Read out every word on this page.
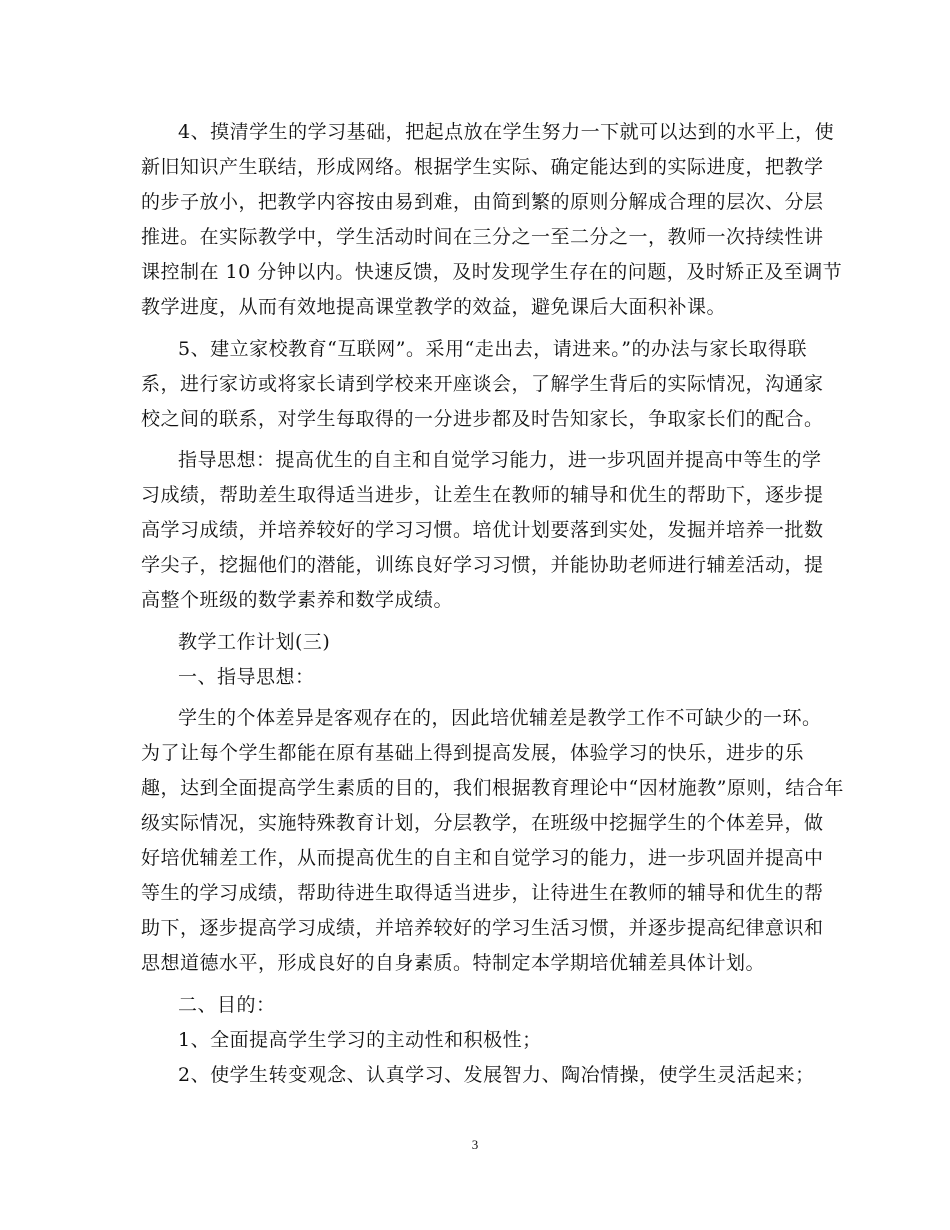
4、摸清学生的学习基础，把起点放在学生努力一下就可以达到的水平上，使
新旧知识产生联结，形成网络。根据学生实际、确定能达到的实际进度，把教学
的步子放小，把教学内容按由易到难，由简到繁的原则分解成合理的层次、分层
推进。在实际教学中，学生活动时间在三分之一至二分之一，教师一次持续性讲
课控制在 10 分钟以内。快速反馈，及时发现学生存在的问题，及时矫正及至调节
教学进度，从而有效地提高课堂教学的效益，避免课后大面积补课。
5、建立家校教育“互联网”。采用“走出去，请进来。”的办法与家长取得联
系，进行家访或将家长请到学校来开座谈会，了解学生背后的实际情况，沟通家
校之间的联系，对学生每取得的一分进步都及时告知家长，争取家长们的配合。
指导思想：提高优生的自主和自觉学习能力，进一步巩固并提高中等生的学
习成绩，帮助差生取得适当进步，让差生在教师的辅导和优生的帮助下，逐步提
高学习成绩，并培养较好的学习习惯。培优计划要落到实处，发掘并培养一批数
学尖子，挖掘他们的潜能，训练良好学习习惯，并能协助老师进行辅差活动，提
高整个班级的数学素养和数学成绩。
教学工作计划(三)
一、指导思想：
学生的个体差异是客观存在的，因此培优辅差是教学工作不可缺少的一环。
为了让每个学生都能在原有基础上得到提高发展，体验学习的快乐，进步的乐
趣，达到全面提高学生素质的目的，我们根据教育理论中“因材施教”原则，结合年
级实际情况，实施特殊教育计划，分层教学，在班级中挖掘学生的个体差异，做
好培优辅差工作，从而提高优生的自主和自觉学习的能力，进一步巩固并提高中
等生的学习成绩，帮助待进生取得适当进步，让待进生在教师的辅导和优生的帮
助下，逐步提高学习成绩，并培养较好的学习生活习惯，并逐步提高纪律意识和
思想道德水平，形成良好的自身素质。特制定本学期培优辅差具体计划。
二、目的：
1、全面提高学生学习的主动性和积极性；
2、使学生转变观念、认真学习、发展智力、陶冶情操，使学生灵活起来；
3
